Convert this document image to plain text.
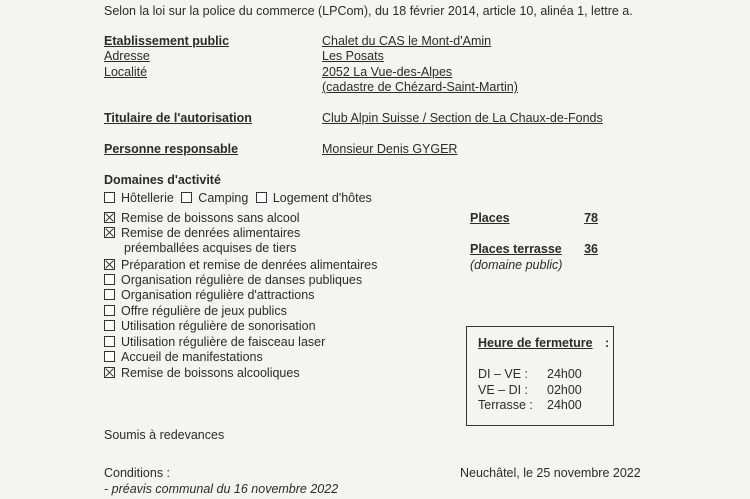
Selon la loi sur la police du commerce (LPCom), du 18 février 2014, article 10, alinéa 1, lettre a.
Etablissement public	Chalet du CAS le Mont-d'Amin
Adresse	Les Posats
Localité	2052 La Vue-des-Alpes
(cadastre de Chézard-Saint-Martin)
Titulaire de l'autorisation	Club Alpin Suisse / Section de La Chaux-de-Fonds
Personne responsable	Monsieur Denis GYGER
Domaines d'activité
Hôtellerie Camping Logement d'hôtes
Remise de boissons sans alcool
Remise de denrées alimentaires
préemballées acquises de tiers
Préparation et remise de denrées alimentaires
Organisation régulière de danses publiques
Organisation régulière d'attractions
Offre régulière de jeux publics
Utilisation régulière de sonorisation
Utilisation régulière de faisceau laser
Accueil de manifestations
Remise de boissons alcooliques
Places	78
Places terrasse	36
(domaine public)
Heure de fermeture :
DI – VE : 24h00
VE – DI : 02h00
Terrasse : 24h00
Soumis à redevances
Conditions :
- préavis communal du 16 novembre 2022
Neuchâtel, le 25 novembre 2022
